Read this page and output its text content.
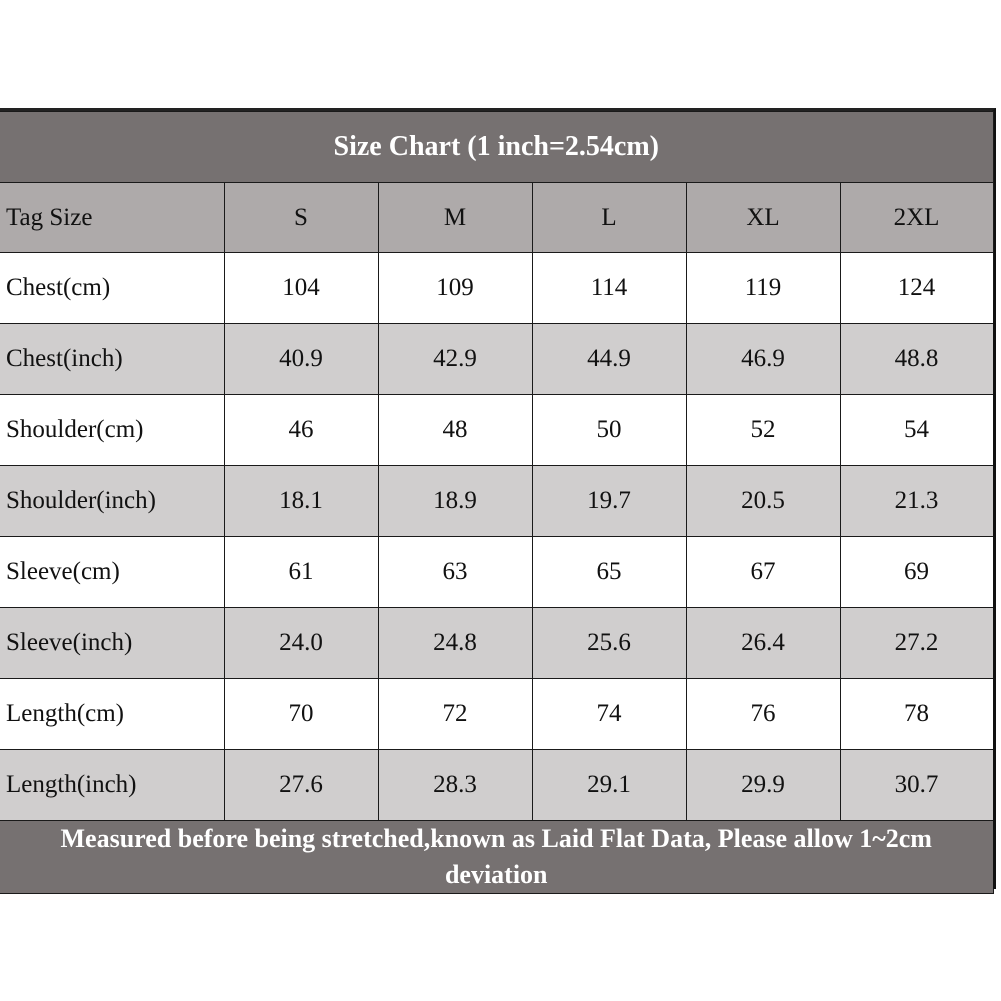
Size Chart (1 inch=2.54cm)					
Tag Size	S	M	L	XL	2XL
Chest(cm)	104	109	114	119	124
Chest(inch)	40.9	42.9	44.9	46.9	48.8
Shoulder(cm)	46	48	50	52	54
Shoulder(inch)	18.1	18.9	19.7	20.5	21.3
Sleeve(cm)	61	63	65	67	69
Sleeve(inch)	24.0	24.8	25.6	26.4	27.2
Length(cm)	70	72	74	76	78
Length(inch)	27.6	28.3	29.1	29.9	30.7
Measured before being stretched,known as Laid Flat Data, Please allow 1~2cm deviation					
